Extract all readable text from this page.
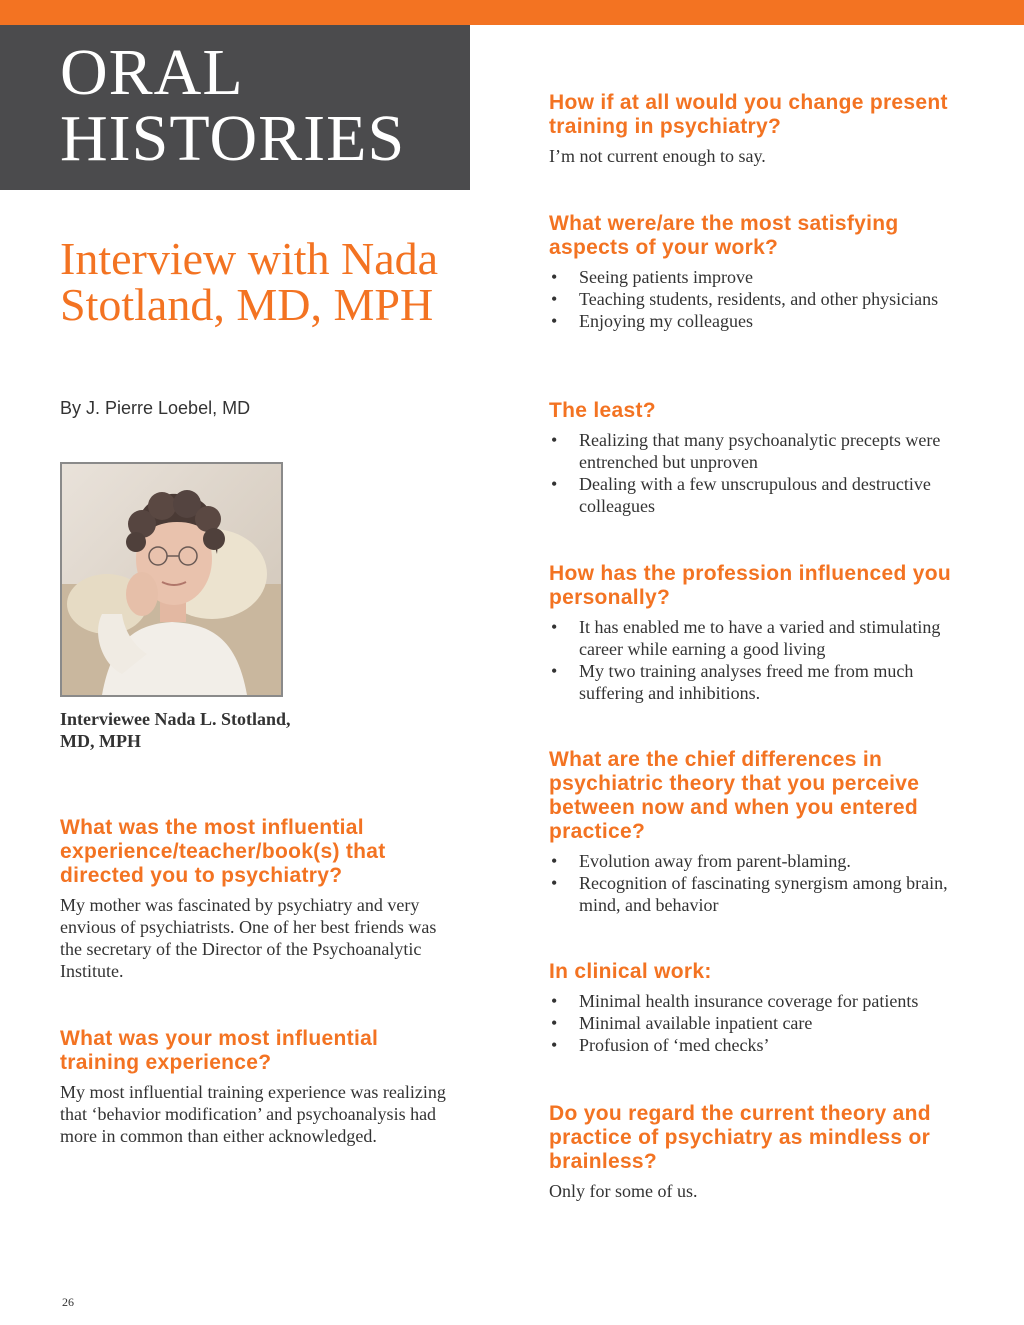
ORAL
HISTORIES
Interview with Nada Stotland, MD, MPH
By J. Pierre Loebel, MD
Interviewee Nada L. Stotland, MD, MPH
What was the most influential experience/teacher/book(s) that directed you to psychiatry?

My mother was fascinated by psychiatry and very envious of psychiatrists. One of her best friends was the secretary of the Director of the Psychoanalytic Institute.

What was your most influential training experience?

My most influential training experience was realizing that ‘behavior modification’ and psychoanalysis had more in common than either acknowledged.

How if at all would you change present training in psychiatry?

I’m not current enough to say.

What were/are the most satisfying aspects of your work?
• Seeing patients improve
• Teaching students, residents, and other physicians
• Enjoying my colleagues
The least?
• Realizing that many psychoanalytic precepts were entrenched but unproven
• Dealing with a few unscrupulous and destructive colleagues
How has the profession influenced you personally?
• It has enabled me to have a varied and stimulating career while earning a good living
• My two training analyses freed me from much suffering and inhibitions.
What are the chief differences in psychiatric theory that you perceive between now and when you entered practice?
• Evolution away from parent-blaming.
• Recognition of fascinating synergism among brain, mind, and behavior
In clinical work:
• Minimal health insurance coverage for patients
• Minimal available inpatient care
• Profusion of ‘med checks’
Do you regard the current theory and practice of psychiatry as mindless or brainless?

Only for some of us.

26
